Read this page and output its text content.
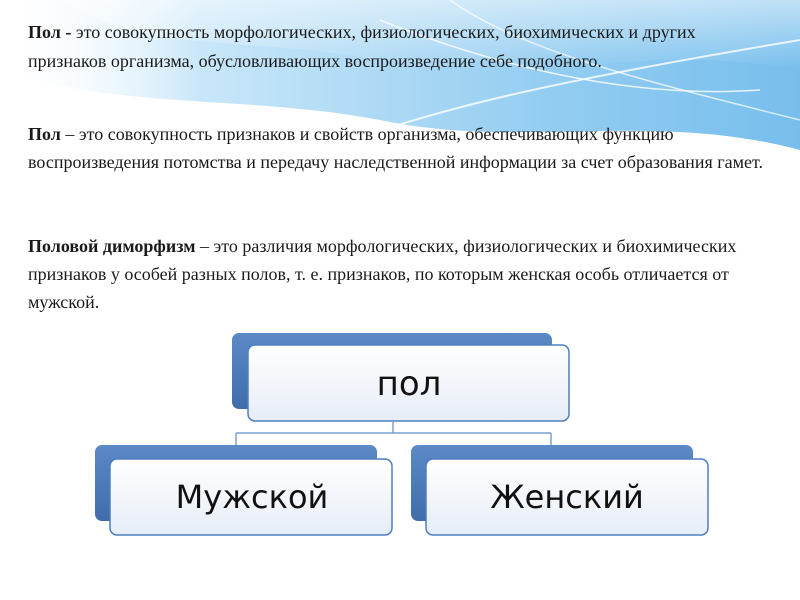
Пол - это совокупность морфологических, физиологических, биохимических и других признаков организма, обусловливающих воспроизведение себе подобного.
Пол – это совокупность признаков и свойств организма, обеспечивающих функцию воспроизведения потомства и передачу наследственной информации за счет образования гамет.
Половой диморфизм – это различия морфологических, физиологических и биохимических признаков у особей разных полов, т. е. признаков, по которым женская особь отличается от мужской.
пол
Мужской	Женский
